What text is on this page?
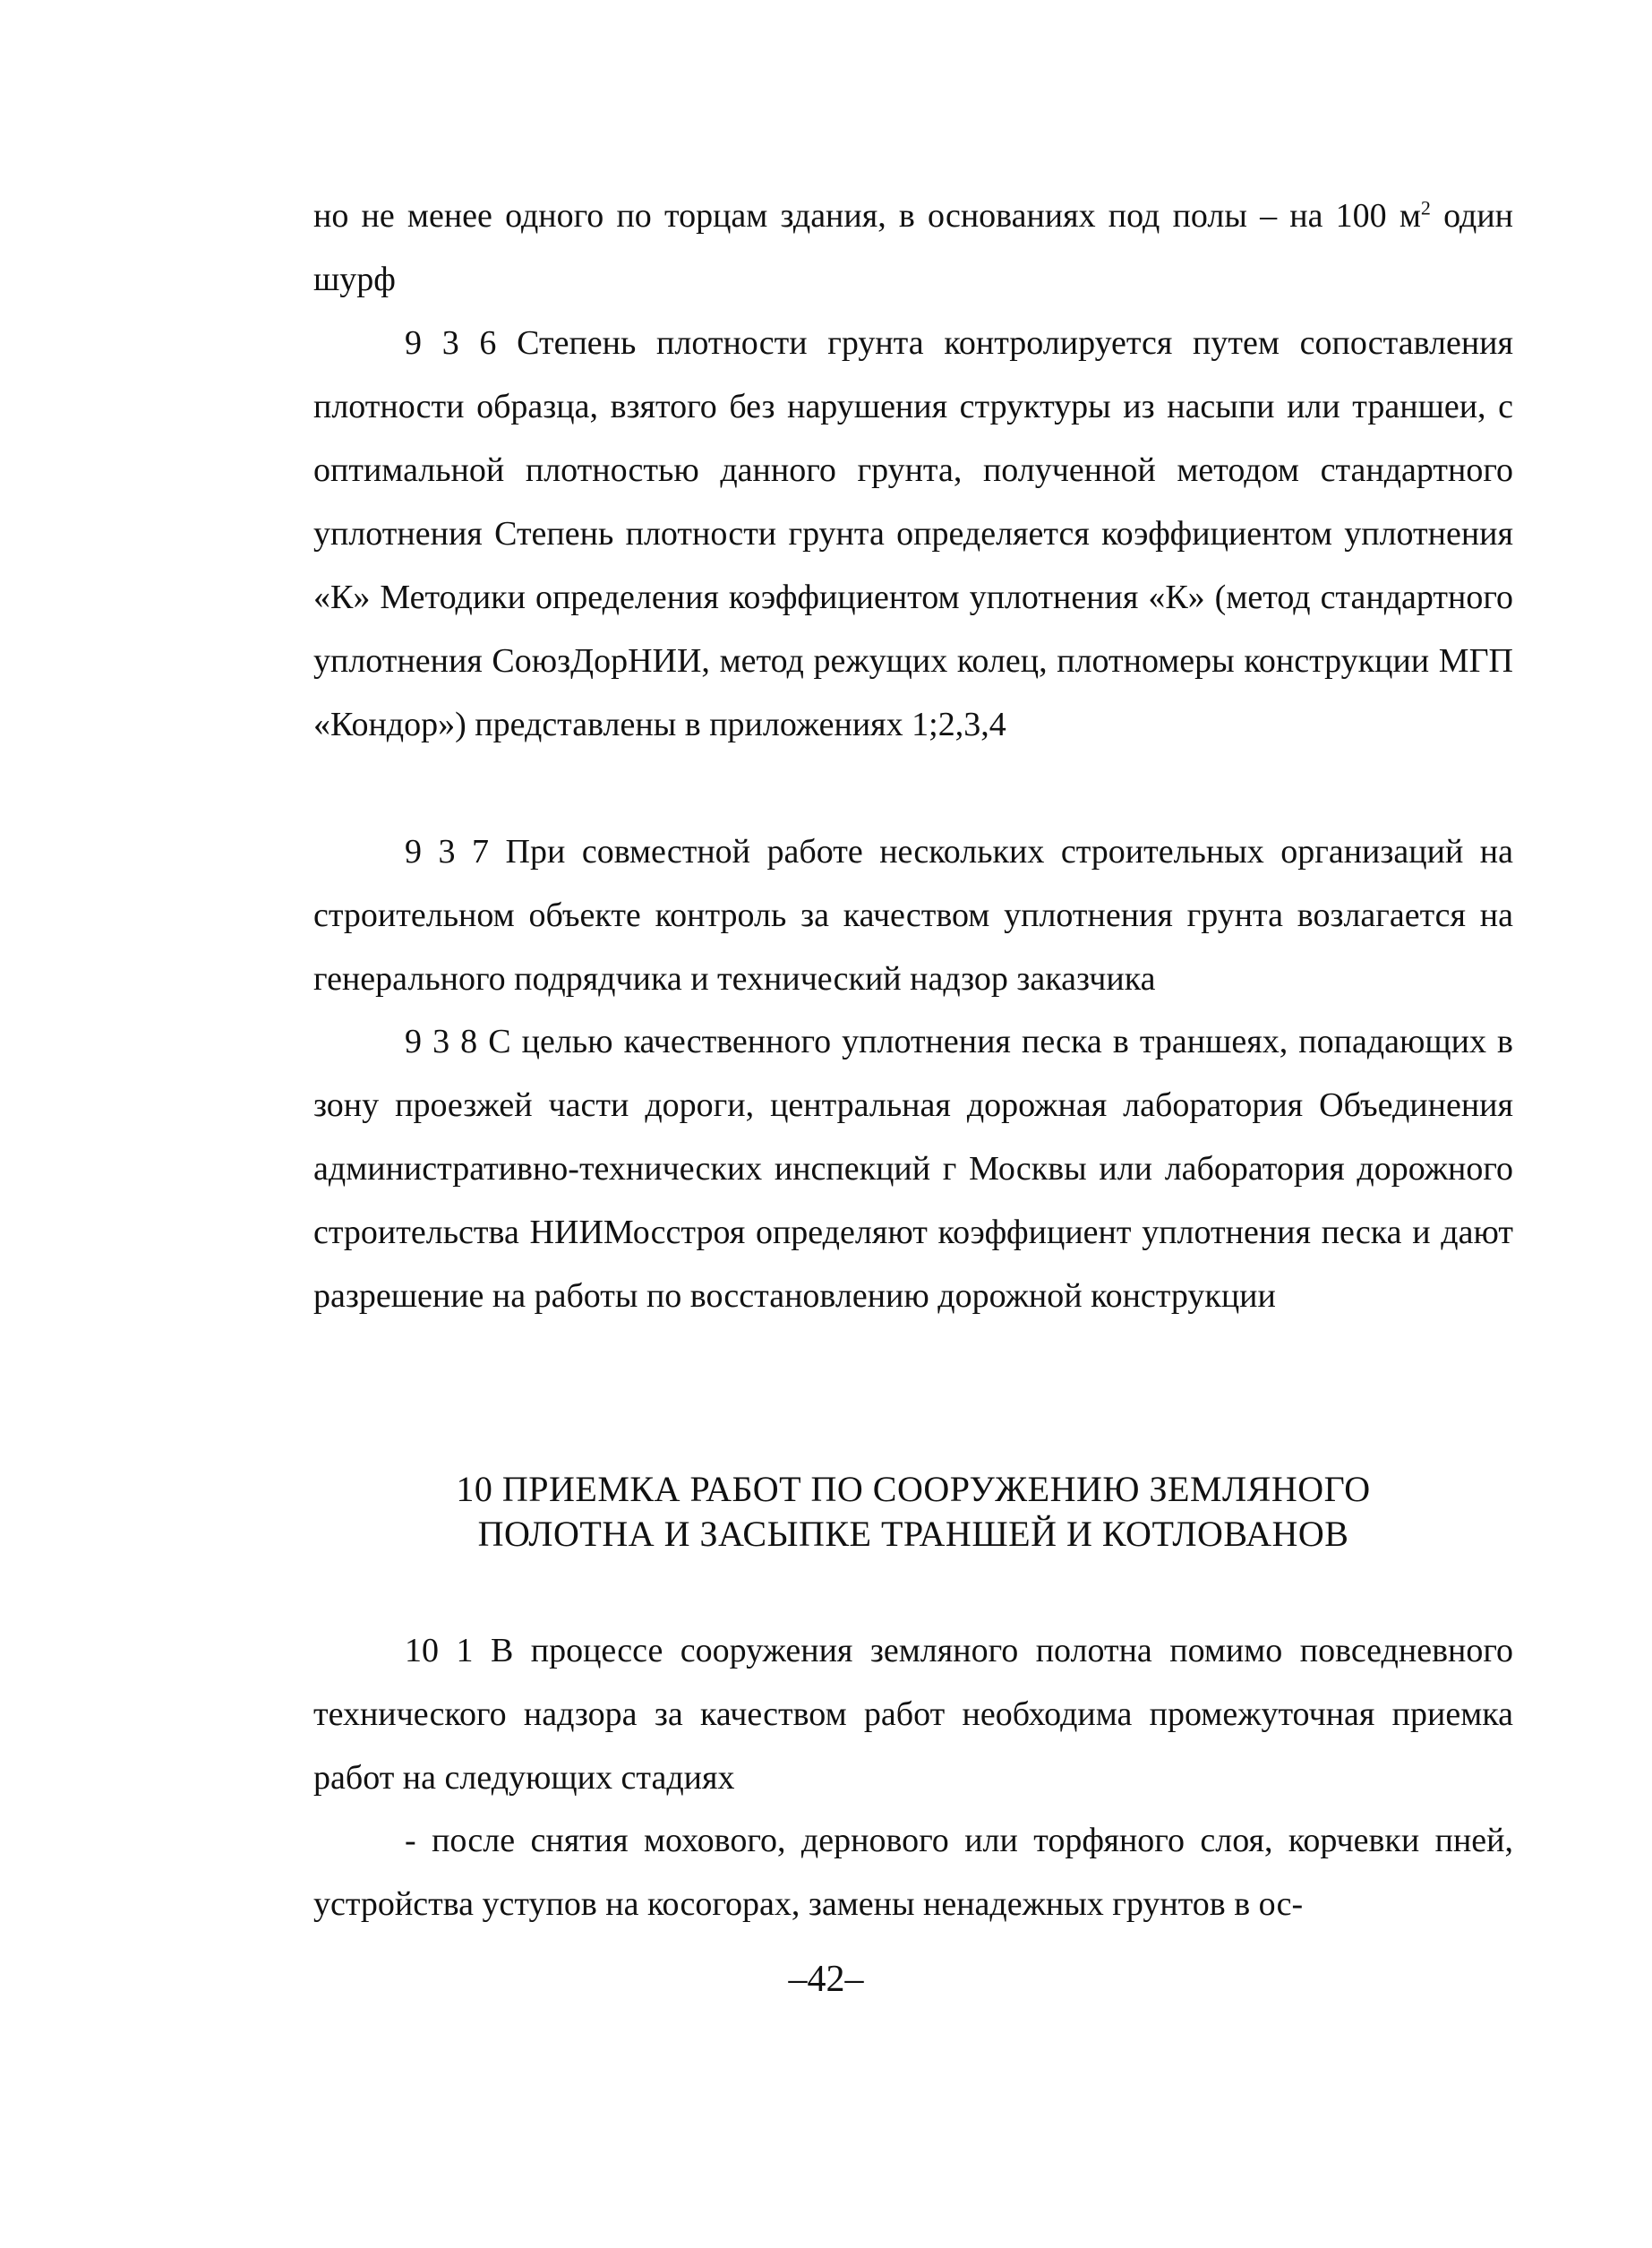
но не менее одного по торцам здания, в основаниях под полы – на 100 $м^2$ один шурф

9 3 6 Степень плотности грунта контролируется путем сопоставления плотности образца, взятого без нарушения структуры из насыпи или траншеи, с оптимальной плотностью данного грунта, полученной методом стандартного уплотнения Степень плотности грунта определяется коэффициентом уплотнения «К» Методики определения коэффициентом уплотнения «К» (метод стандартного уплотнения СоюзДорНИИ, метод режущих колец, плотномеры конструкции МГП «Кондор») представлены в приложениях 1;2,3,4

9 3 7 При совместной работе нескольких строительных организаций на строительном объекте контроль за качеством уплотнения грунта возлагается на генерального подрядчика и технический надзор заказчика

9 3 8 С целью качественного уплотнения песка в траншеях, попадающих в зону проезжей части дороги, центральная дорожная лаборатория Объединения административно-технических инспекций г Москвы или лаборатория дорожного строительства НИИМосстроя определяют коэффициент уплотнения песка и дают разрешение на работы по восстановлению дорожной конструкции

10 ПРИЕМКА РАБОТ ПО СООРУЖЕНИЮ ЗЕМЛЯНОГО
ПОЛОТНА И ЗАСЫПКЕ ТРАНШЕЙ И КОТЛОВАНОВ

10 1 В процессе сооружения земляного полотна помимо повседневного технического надзора за качеством работ необходима промежуточная приемка работ на следующих стадиях

- после снятия мохового, дернового или торфяного слоя, корчевки пней, устройства уступов на косогорах, замены ненадежных грунтов в ос-

–42–
